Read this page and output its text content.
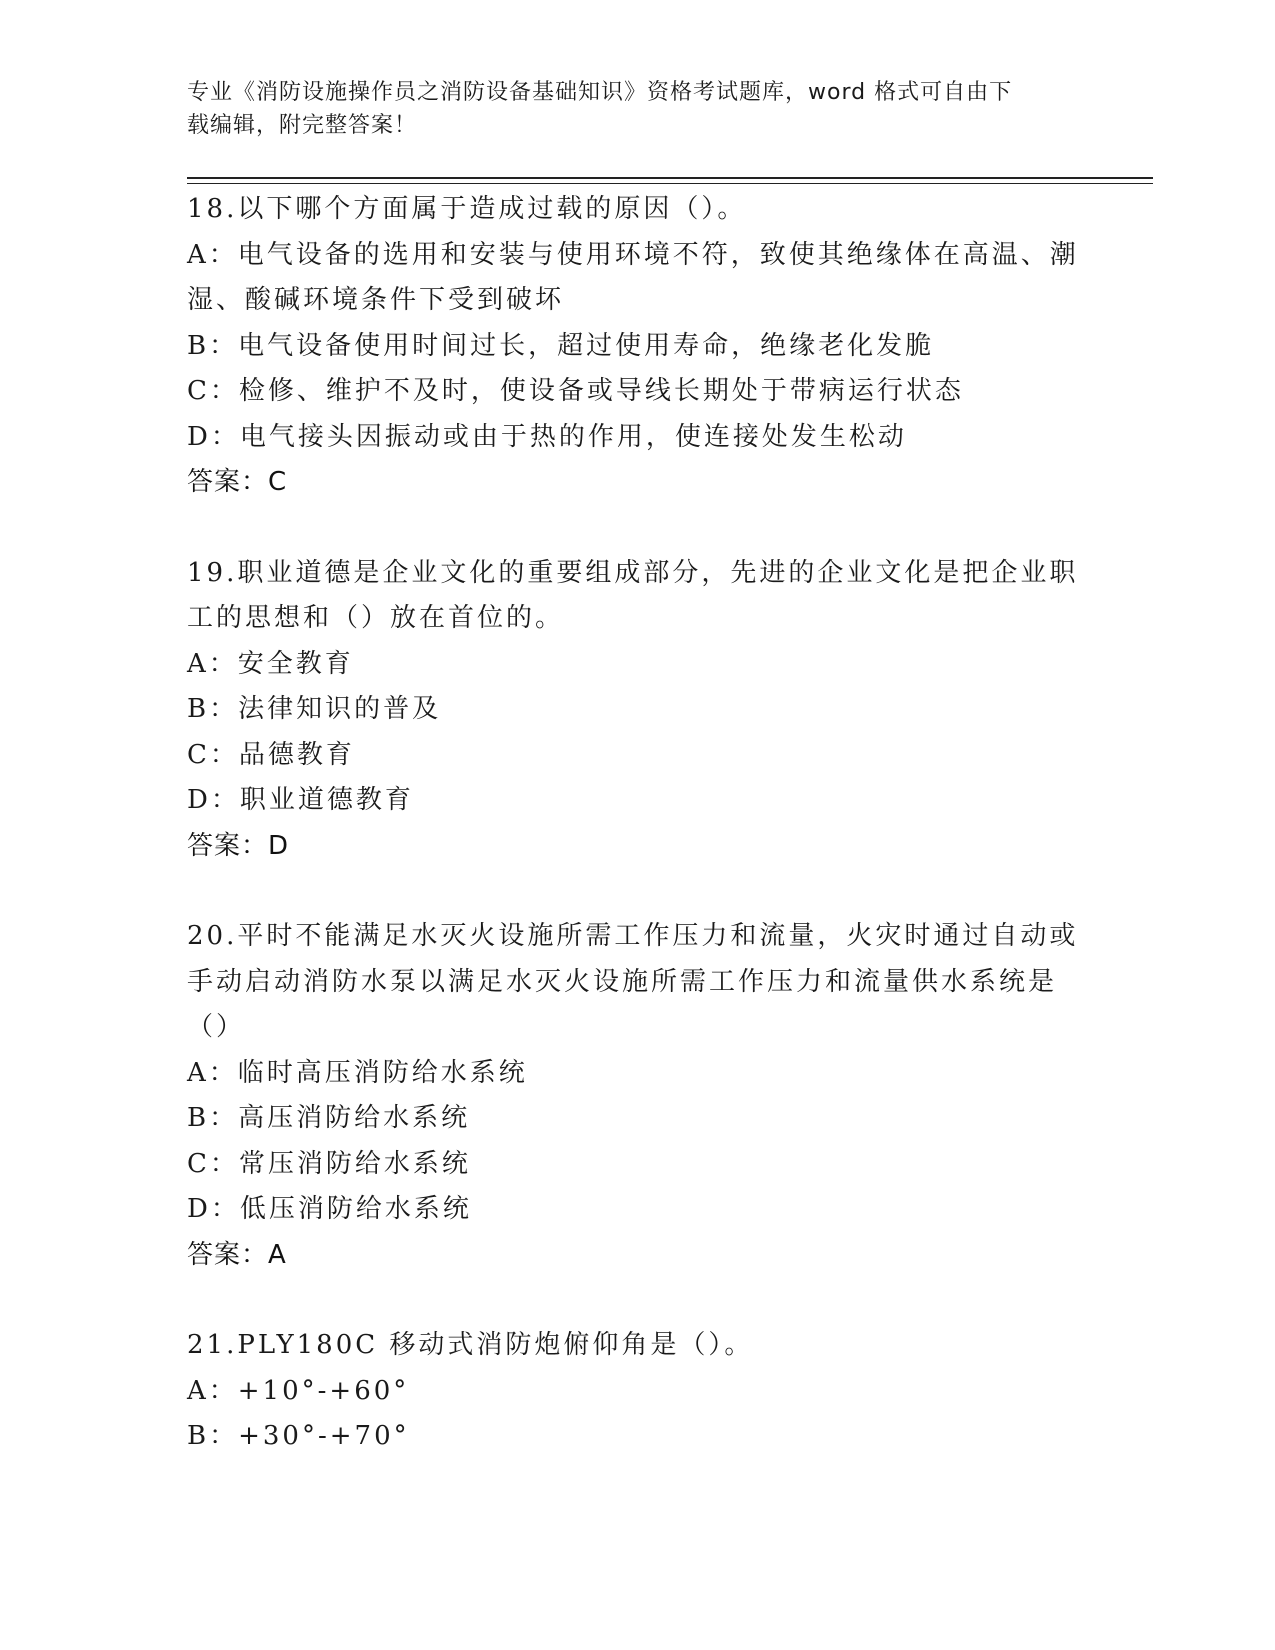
专业《消防设施操作员之消防设备基础知识》资格考试题库，word 格式可自由下
载编辑，附完整答案！
18.以下哪个方面属于造成过载的原因（）。
A：电气设备的选用和安装与使用环境不符，致使其绝缘体在高温、潮
湿、酸碱环境条件下受到破坏
B：电气设备使用时间过长，超过使用寿命，绝缘老化发脆
C：检修、维护不及时，使设备或导线长期处于带病运行状态
D：电气接头因振动或由于热的作用，使连接处发生松动
答案：C
19.职业道德是企业文化的重要组成部分，先进的企业文化是把企业职
工的思想和（）放在首位的。
A：安全教育
B：法律知识的普及
C：品德教育
D：职业道德教育
答案：D
20.平时不能满足水灭火设施所需工作压力和流量，火灾时通过自动或
手动启动消防水泵以满足水灭火设施所需工作压力和流量供水系统是
（）
A：临时高压消防给水系统
B：高压消防给水系统
C：常压消防给水系统
D：低压消防给水系统
答案：A
21.PLY180C 移动式消防炮俯仰角是（）。
A：+10°-+60°
B：+30°-+70°
